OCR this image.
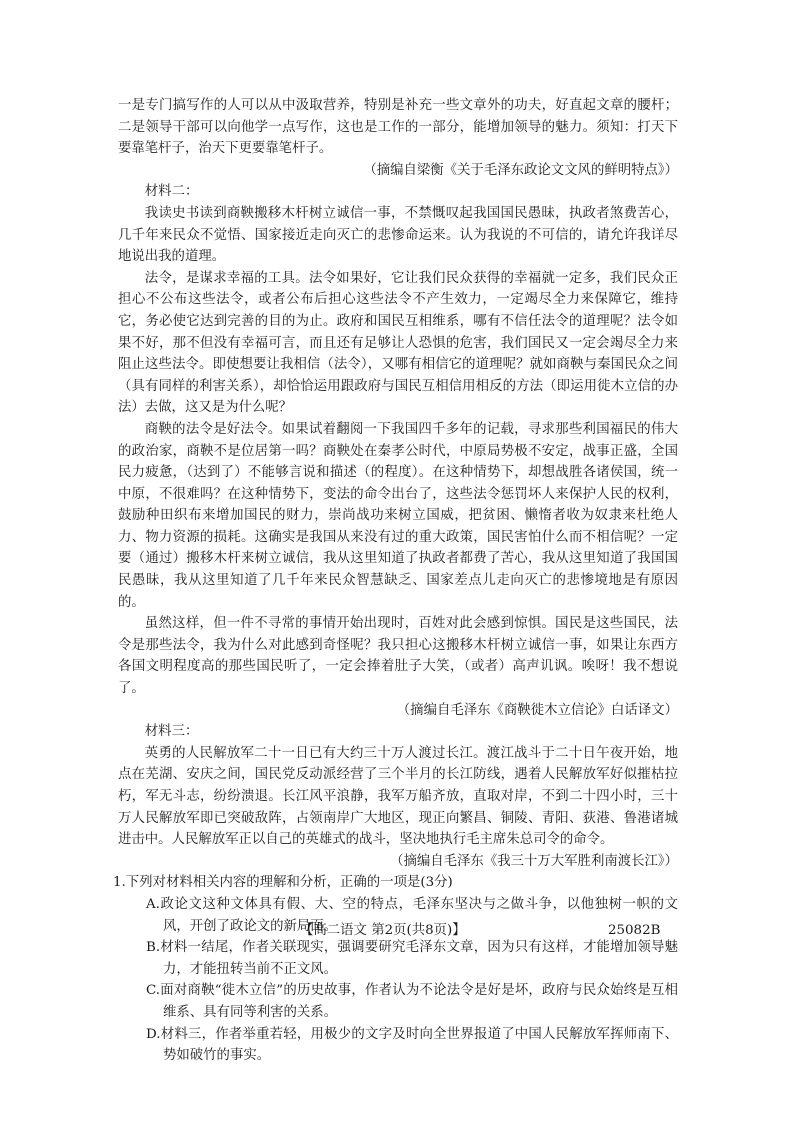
一是专门搞写作的人可以从中汲取营养，特别是补充一些文章外的功夫，好直起文章的腰杆；二是领导干部可以向他学一点写作，这也是工作的一部分，能增加领导的魅力。须知：打天下要靠笔杆子，治天下更要靠笔杆子。

（摘编自梁衡《关于毛泽东政论文文风的鲜明特点》）

材料二：

我读史书读到商鞅搬移木杆树立诚信一事，不禁慨叹起我国国民愚昧，执政者煞费苦心，几千年来民众不觉悟、国家接近走向灭亡的悲惨命运来。认为我说的不可信的，请允许我详尽地说出我的道理。

法令，是谋求幸福的工具。法令如果好，它让我们民众获得的幸福就一定多，我们民众正担心不公布这些法令，或者公布后担心这些法令不产生效力，一定竭尽全力来保障它，维持它，务必使它达到完善的目的为止。政府和国民互相维系，哪有不信任法令的道理呢？法令如果不好，那不但没有幸福可言，而且还有足够让人恐惧的危害，我们国民又一定会竭尽全力来阻止这些法令。即使想要让我相信（法令），又哪有相信它的道理呢？就如商鞅与秦国民众之间（具有同样的利害关系），却恰恰运用跟政府与国民互相信用相反的方法（即运用徙木立信的办法）去做，这又是为什么呢？

商鞅的法令是好法令。如果试着翻阅一下我国四千多年的记载，寻求那些利国福民的伟大的政治家，商鞅不是位居第一吗？商鞅处在秦孝公时代，中原局势极不安定，战事正盛，全国民力疲惫，（达到了）不能够言说和描述（的程度）。在这种情势下，却想战胜各诸侯国，统一中原，不很难吗？在这种情势下，变法的命令出台了，这些法令惩罚坏人来保护人民的权利，鼓励种田织布来增加国民的财力，崇尚战功来树立国威，把贫困、懒惰者收为奴隶来杜绝人力、物力资源的损耗。这确实是我国从来没有过的重大政策，国民害怕什么而不相信呢？一定要（通过）搬移木杆来树立诚信，我从这里知道了执政者都费了苦心，我从这里知道了我国国民愚昧，我从这里知道了几千年来民众智慧缺乏、国家差点儿走向灭亡的悲惨境地是有原因的。

虽然这样，但一件不寻常的事情开始出现时，百姓对此会感到惊惧。国民是这些国民，法令是那些法令，我为什么对此感到奇怪呢？我只担心这搬移木杆树立诚信一事，如果让东西方各国文明程度高的那些国民听了，一定会捧着肚子大笑，（或者）高声讥讽。唉呀！我不想说了。

（摘编自毛泽东《商鞅徙木立信论》白话译文）

材料三：

英勇的人民解放军二十一日已有大约三十万人渡过长江。渡江战斗于二十日午夜开始，地点在芜湖、安庆之间，国民党反动派经营了三个半月的长江防线，遇着人民解放军好似摧枯拉朽，军无斗志，纷纷溃退。长江风平浪静，我军万船齐放，直取对岸，不到二十四小时，三十万人民解放军即已突破敌阵，占领南岸广大地区，现正向繁昌、铜陵、青阳、荻港、鲁港诸城进击中。人民解放军正以自己的英雄式的战斗，坚决地执行毛主席朱总司令的命令。

（摘编自毛泽东《我三十万大军胜利南渡长江》）

1.下列对材料相关内容的理解和分析，正确的一项是(3分)

A.政论文这种文体具有假、大、空的特点，毛泽东坚决与之做斗争，以他独树一帜的文风，开创了政论文的新局面。

B.材料一结尾，作者关联现实，强调要研究毛泽东文章，因为只有这样，才能增加领导魅力，才能扭转当前不正文风。

C.面对商鞅“徙木立信”的历史故事，作者认为不论法令是好是坏，政府与民众始终是互相维系、具有同等利害的关系。

D.材料三，作者举重若轻，用极少的文字及时向全世界报道了中国人民解放军挥师南下、势如破竹的事实。

【高二语文 第2页(共8页)】	25082B
